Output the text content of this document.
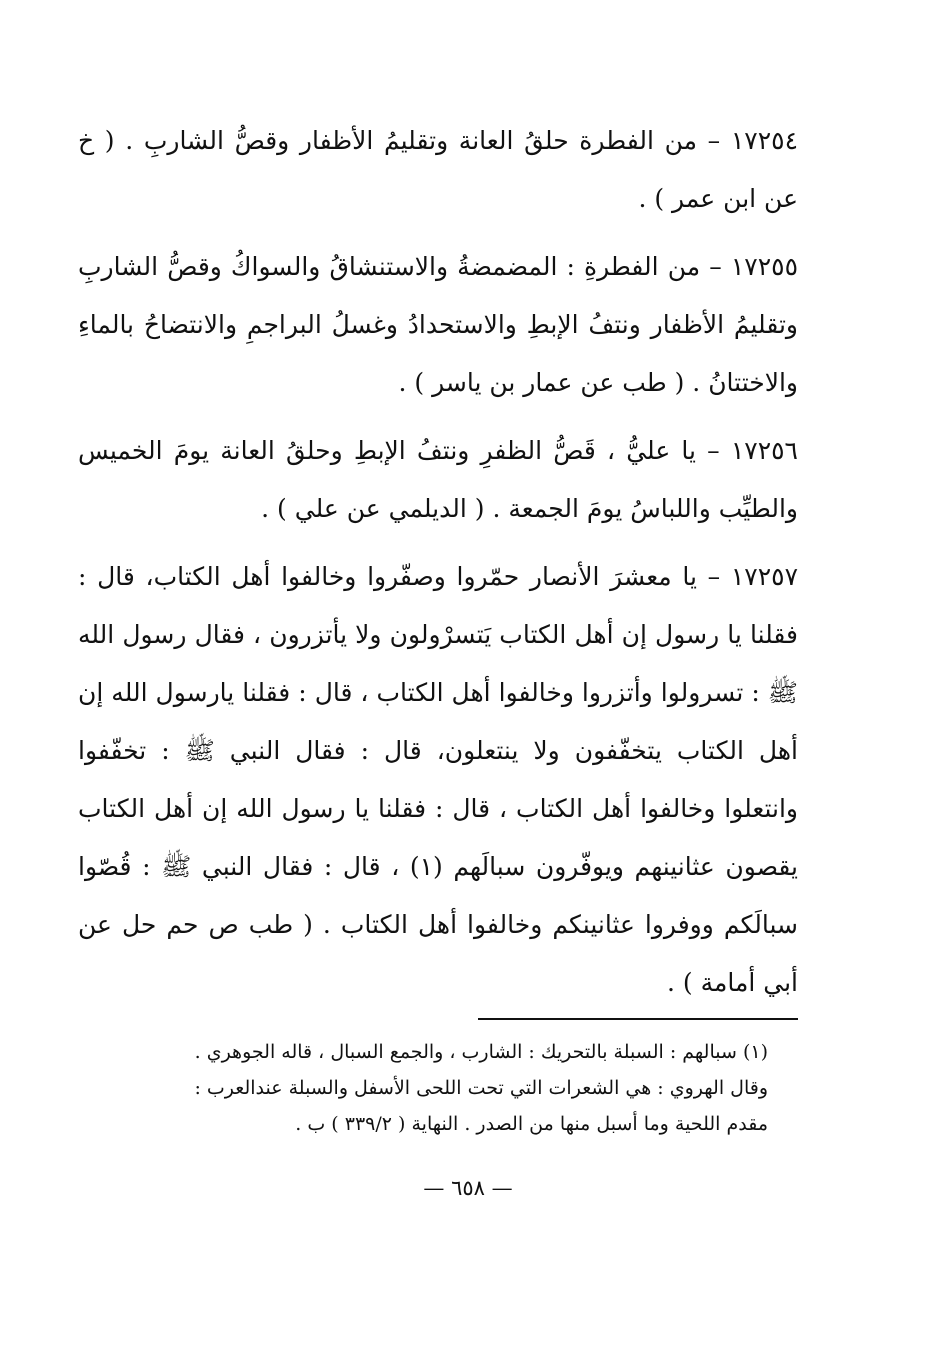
١٧٢٥٤ – من الفطرة حلقُ العانة وتقليمُ الأظفار وقصُّ الشاربِ . ( خ عن ابن عمر ) .

١٧٢٥٥ – من الفطرةِ : المضمضةُ والاستنشاقُ والسواكُ وقصُّ الشاربِ وتقليمُ الأظفار ونتفُ الإبطِ والاستحدادُ وغسلُ البراجمِ والانتضاحُ بالماءِ والاختتانُ . ( طب عن عمار بن ياسر ) .

١٧٢٥٦ – يا عليُّ ، قَصُّ الظفرِ ونتفُ الإبطِ وحلقُ العانة يومَ الخميس والطيِّب واللباسُ يومَ الجمعة . ( الديلمي عن علي ) .

١٧٢٥٧ – يا معشرَ الأنصار حمّروا وصفّروا وخالفوا أهل الكتاب، قال : فقلنا يا رسول إن أهل الكتاب يَتسرْولون ولا يأتزرون ، فقال رسول الله ﷺ : تسرولوا وأتزروا وخالفوا أهل الكتاب ، قال : فقلنا يارسول الله إن أهل الكتاب يتخفّفون ولا ينتعلون، قال : فقال النبي ﷺ : تخفّفوا وانتعلوا وخالفوا أهل الكتاب ، قال : فقلنا يا رسول الله إن أهل الكتاب يقصون عثانينهم ويوفّرون سبالَهم (١) ، قال : فقال النبي ﷺ : قُصّوا سبالَكم ووفروا عثانينكم وخالفوا أهل الكتاب . ( طب ص حم حل عن أبي أمامة ) .

(١) سبالهم : السبلة بالتحريك : الشارب ، والجمع السبال ، قاله الجوهري .
وقال الهروي : هي الشعرات التي تحت اللحى الأسفل والسبلة عندالعرب :
مقدم اللحية وما أسبل منها من الصدر . النهاية ( ٣٣٩/٢ ) ب .
— ٦٥٨ —
